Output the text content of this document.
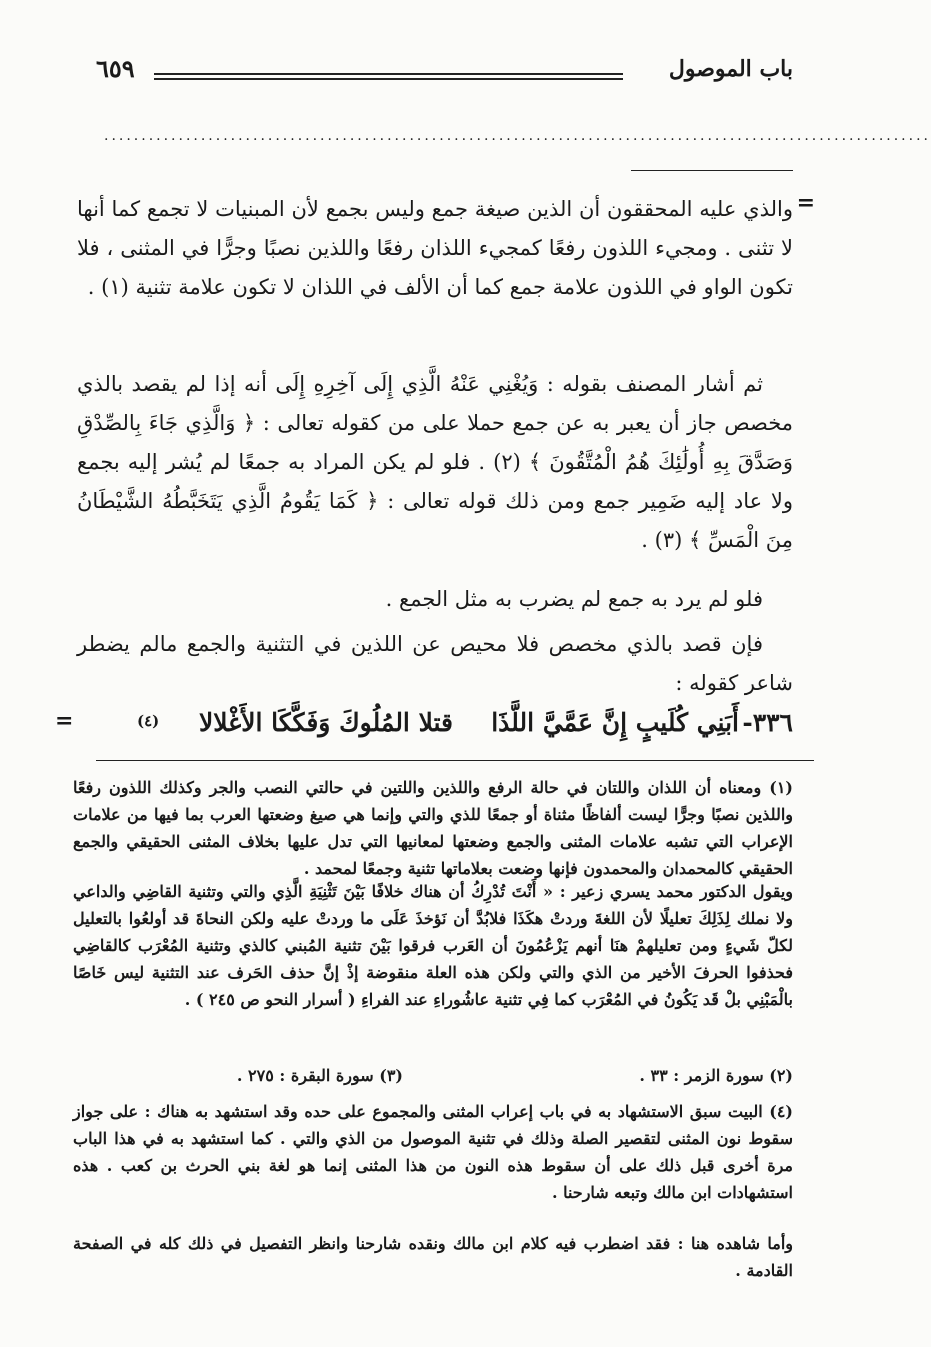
باب الموصول
٦٥٩
...............................................................................................................
=
والذي عليه المحققون أن الذين صيغة جمع وليس بجمع لأن المبنيات لا تجمع كما أنها لا تثنى . ومجيء اللذون رفعًا كمجيء اللذان رفعًا واللذين نصبًا وجرًّا في المثنى ، فلا تكون الواو في اللذون علامة جمع كما أن الألف في اللذان لا تكون علامة تثنية (١) .
ثم أشار المصنف بقوله : وَيُغْنِي عَنْهُ الَّذِي إِلَى آخِرِهِ إِلَى أنه إذا لم يقصد بالذي مخصص جاز أن يعبر به عن جمع حملا على من كقوله تعالى : ﴿ وَالَّذِي جَاءَ بِالصِّدْقِ وَصَدَّقَ بِهِ أُولَٰئِكَ هُمُ الْمُتَّقُونَ ﴾ (٢) . فلو لم يكن المراد به جمعًا لم يُشر إليه بجمع ولا عاد إليه ضَمِير جمع ومن ذلك قوله تعالى : ﴿ كَمَا يَقُومُ الَّذِي يَتَخَبَّطُهُ الشَّيْطَانُ مِنَ الْمَسِّ ﴾ (٣) .
فلو لم يرد به جمع لم يضرب به مثل الجمع .
فإن قصد بالذي مخصص فلا محيص عن اللذين في التثنية والجمع مالم يضطر شاعر كقوله :
٣٣٦-
أَبَنِي كُلَيبٍ إِنَّ عَمَّيَّ اللَّذَا
قتلا المُلُوكَ وَفَكَّكَا الأَغْلالا
(٤)
=
(١) ومعناه أن اللذان واللتان في حالة الرفع واللذين واللتين في حالتي النصب والجر وكذلك اللذون رفعًا واللذين نصبًا وجرًّا ليست ألفاظًا مثناة أو جمعًا للذي والتي وإنما هي صيغ وضعتها العرب بما فيها من علامات الإعراب التي تشبه علامات المثنى والجمع وضعتها لمعانيها التي تدل عليها بخلاف المثنى الحقيقي والجمع الحقيقي كالمحمدان والمحمدون فإنها وضعت بعلاماتها تثنية وجمعًا لمحمد .
ويقول الدكتور محمد يسري زعير : « أَنْتَ تُدْرِكُ أن هناك خلافًا بَيْنَ تَثْنِيَةِ الَّذِي والتي وتثنية القاضِي والداعي ولا نملك لِذَلِكَ تعليلًا لأن اللغةَ وردتْ هكَذَا فلابُدَّ أن نَؤخذَ عَلَى ما وردتْ عليه ولكن النحاةَ قد أولعُوا بالتعليل لكلّ شَيءٍ ومن تعليلهمْ هنَا أنهم يَزْعُمُونَ أن العَرب فرقوا بَيْنَ تثنية المُبني كالذي وتثنية المُعْرَب كالقاضِي فحذفوا الحرفَ الأخير من الذي والتي ولكن هذه العلة منقوضة إذْ إنَّ حذف الحَرف عند التثنية ليس خَاصًا بالْمَبْنِي بلْ قَد يَكُونُ في المُعْرَب كما فِي تثنية عاشُوراءِ عند الفراءِ ( أسرار النحو ص ٢٤٥ ) .
(٢) سورة الزمر : ٣٣ .
(٣) سورة البقرة : ٢٧٥ .
(٤) البيت سبق الاستشهاد به في باب إعراب المثنى والمجموع على حده وقد استشهد به هناك : على جواز سقوط نون المثنى لتقصير الصلة وذلك في تثنية الموصول من الذي والتي . كما استشهد به في هذا الباب مرة أخرى قبل ذلك على أن سقوط هذه النون من هذا المثنى إنما هو لغة بني الحرث بن كعب . هذه استشهادات ابن مالك وتبعه شارحنا .
وأما شاهده هنا : فقد اضطرب فيه كلام ابن مالك ونقده شارحنا وانظر التفصيل في ذلك كله في الصفحة القادمة .
